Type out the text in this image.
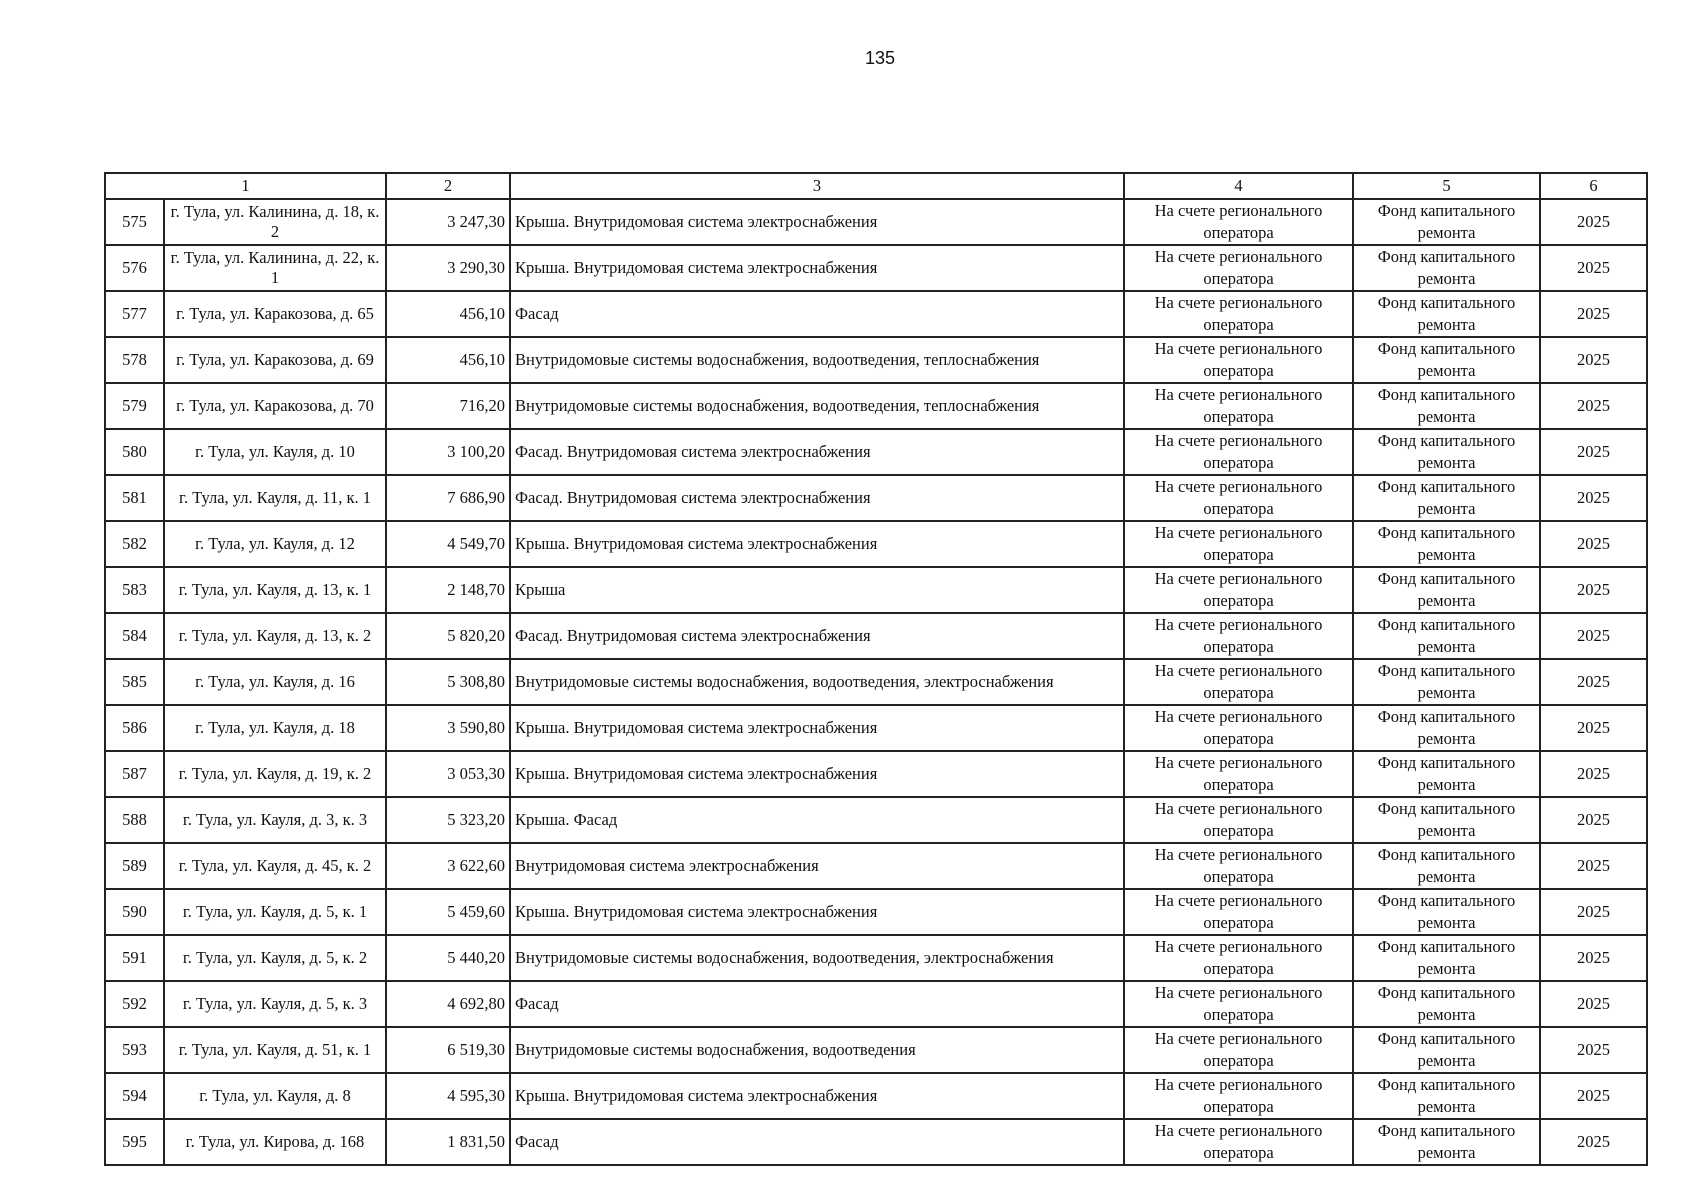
135
1		2	3	4	5	6
575	г. Тула, ул. Калинина, д. 18, к. 2	3 247,30	Крыша. Внутридомовая система электроснабжения	На счете регионального оператора	Фонд капитального ремонта	2025
576	г. Тула, ул. Калинина, д. 22, к. 1	3 290,30	Крыша. Внутридомовая система электроснабжения	На счете регионального оператора	Фонд капитального ремонта	2025
577	г. Тула, ул. Каракозова, д. 65	456,10	Фасад	На счете регионального оператора	Фонд капитального ремонта	2025
578	г. Тула, ул. Каракозова, д. 69	456,10	Внутридомовые системы водоснабжения, водоотведения, теплоснабжения	На счете регионального оператора	Фонд капитального ремонта	2025
579	г. Тула, ул. Каракозова, д. 70	716,20	Внутридомовые системы водоснабжения, водоотведения, теплоснабжения	На счете регионального оператора	Фонд капитального ремонта	2025
580	г. Тула, ул. Кауля, д. 10	3 100,20	Фасад. Внутридомовая система электроснабжения	На счете регионального оператора	Фонд капитального ремонта	2025
581	г. Тула, ул. Кауля, д. 11, к. 1	7 686,90	Фасад. Внутридомовая система электроснабжения	На счете регионального оператора	Фонд капитального ремонта	2025
582	г. Тула, ул. Кауля, д. 12	4 549,70	Крыша. Внутридомовая система электроснабжения	На счете регионального оператора	Фонд капитального ремонта	2025
583	г. Тула, ул. Кауля, д. 13, к. 1	2 148,70	Крыша	На счете регионального оператора	Фонд капитального ремонта	2025
584	г. Тула, ул. Кауля, д. 13, к. 2	5 820,20	Фасад. Внутридомовая система электроснабжения	На счете регионального оператора	Фонд капитального ремонта	2025
585	г. Тула, ул. Кауля, д. 16	5 308,80	Внутридомовые системы водоснабжения, водоотведения, электроснабжения	На счете регионального оператора	Фонд капитального ремонта	2025
586	г. Тула, ул. Кауля, д. 18	3 590,80	Крыша. Внутридомовая система электроснабжения	На счете регионального оператора	Фонд капитального ремонта	2025
587	г. Тула, ул. Кауля, д. 19, к. 2	3 053,30	Крыша. Внутридомовая система электроснабжения	На счете регионального оператора	Фонд капитального ремонта	2025
588	г. Тула, ул. Кауля, д. 3, к. 3	5 323,20	Крыша. Фасад	На счете регионального оператора	Фонд капитального ремонта	2025
589	г. Тула, ул. Кауля, д. 45, к. 2	3 622,60	Внутридомовая система электроснабжения	На счете регионального оператора	Фонд капитального ремонта	2025
590	г. Тула, ул. Кауля, д. 5, к. 1	5 459,60	Крыша. Внутридомовая система электроснабжения	На счете регионального оператора	Фонд капитального ремонта	2025
591	г. Тула, ул. Кауля, д. 5, к. 2	5 440,20	Внутридомовые системы водоснабжения, водоотведения, электроснабжения	На счете регионального оператора	Фонд капитального ремонта	2025
592	г. Тула, ул. Кауля, д. 5, к. 3	4 692,80	Фасад	На счете регионального оператора	Фонд капитального ремонта	2025
593	г. Тула, ул. Кауля, д. 51, к. 1	6 519,30	Внутридомовые системы водоснабжения, водоотведения	На счете регионального оператора	Фонд капитального ремонта	2025
594	г. Тула, ул. Кауля, д. 8	4 595,30	Крыша. Внутридомовая система электроснабжения	На счете регионального оператора	Фонд капитального ремонта	2025
595	г. Тула, ул. Кирова, д. 168	1 831,50	Фасад	На счете регионального оператора	Фонд капитального ремонта	2025
